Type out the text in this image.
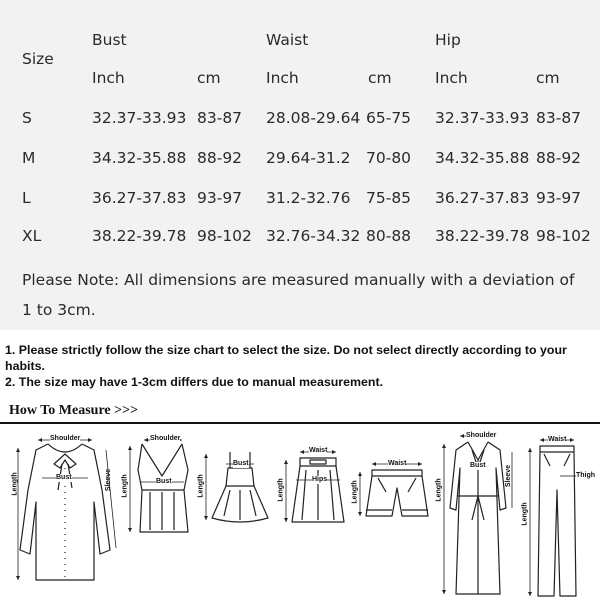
Size
Bust	Waist	Hip
Inch	cm	Inch	cm	Inch	cm
S	32.37-33.93 83-87 28.08-29.64 65-75 32.37-33.93 83-87
M	34.32-35.88 88-92 29.64-31.2 70-80 34.32-35.88 88-92
L	36.27-37.83 93-97 31.2-32.76 75-85 36.27-37.83 93-97
XL	38.22-39.78 98-102 32.76-34.32 80-88 38.22-39.78 98-102

Please Note: All dimensions are measured manually with a deviation of 1 to 3cm.

1. Please strictly follow the size chart to select the size. Do not select directly according to your habits.

2. The size may have 1-3cm differs due to manual measurement.

How To Measure >>>
Shoulder
Bust
Length	Sleeve
Shoulder
Bust
Length
Bust
Length
Waist
Hips
Length
Waist
Length
Shoulder
Bust
Length
Sleeve
Waist
Thigh
Length
